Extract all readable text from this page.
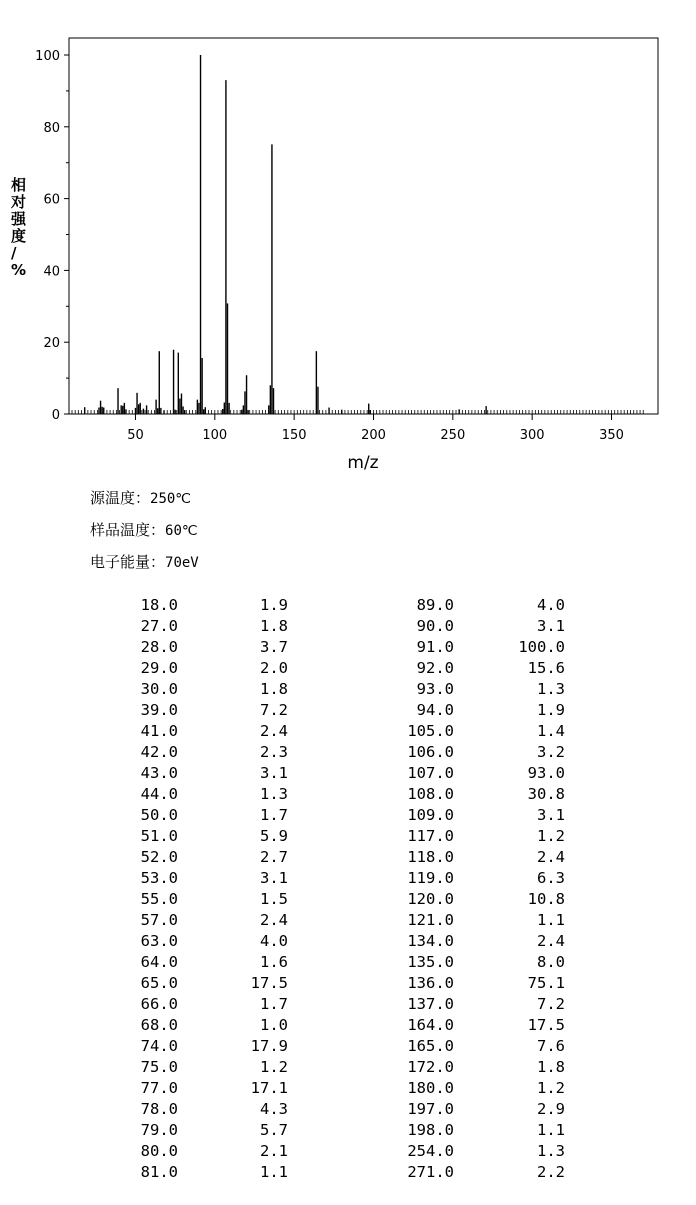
0
20
40
60
80
100
50	100	150	200	250	300	350
m/z
相对强度/ %
源温度：250℃
样品温度：60℃
电子能量：70eV
18.0	1.9	89.0	4.0
27.0	1.8	90.0	3.1
28.0	3.7	91.0	100.0
29.0	2.0	92.0	15.6
30.0	1.8	93.0	1.3
39.0	7.2	94.0	1.9
41.0	2.4	105.0	1.4
42.0	2.3	106.0	3.2
43.0	3.1	107.0	93.0
44.0	1.3	108.0	30.8
50.0	1.7	109.0	3.1
51.0	5.9	117.0	1.2
52.0	2.7	118.0	2.4
53.0	3.1	119.0	6.3
55.0	1.5	120.0	10.8
57.0	2.4	121.0	1.1
63.0	4.0	134.0	2.4
64.0	1.6	135.0	8.0
65.0	17.5	136.0	75.1
66.0	1.7	137.0	7.2
68.0	1.0	164.0	17.5
74.0	17.9	165.0	7.6
75.0	1.2	172.0	1.8
77.0	17.1	180.0	1.2
78.0	4.3	197.0	2.9
79.0	5.7	198.0	1.1
80.0	2.1	254.0	1.3
81.0	1.1	271.0	2.2
